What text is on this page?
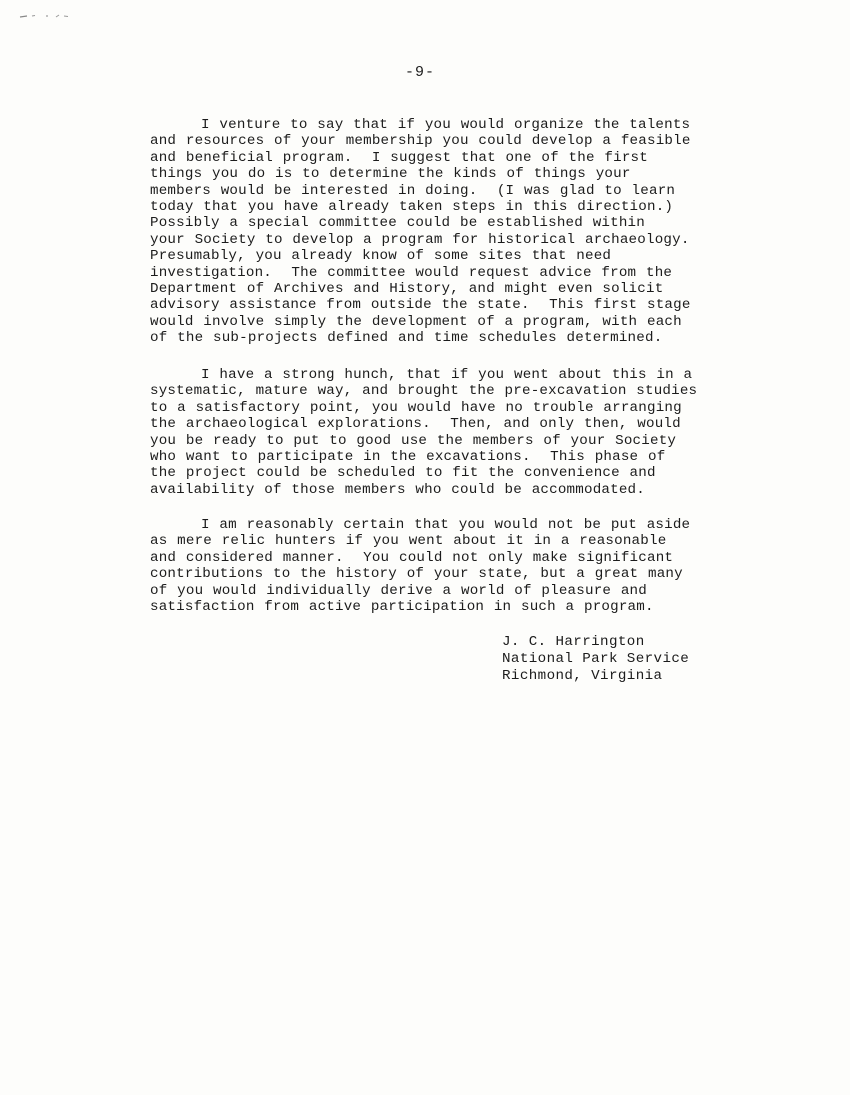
-9-

I venture to say that if you would organize the talents
and resources of your membership you could develop a feasible
and beneficial program.  I suggest that one of the first
things you do is to determine the kinds of things your
members would be interested in doing.  (I was glad to learn
today that you have already taken steps in this direction.)
Possibly a special committee could be established within
your Society to develop a program for historical archaeology.
Presumably, you already know of some sites that need
investigation.  The committee would request advice from the
Department of Archives and History, and might even solicit
advisory assistance from outside the state.  This first stage
would involve simply the development of a program, with each
of the sub-projects defined and time schedules determined.

I have a strong hunch, that if you went about this in a
systematic, mature way, and brought the pre-excavation studies
to a satisfactory point, you would have no trouble arranging
the archaeological explorations.  Then, and only then, would
you be ready to put to good use the members of your Society
who want to participate in the excavations.  This phase of
the project could be scheduled to fit the convenience and
availability of those members who could be accommodated.

I am reasonably certain that you would not be put aside
as mere relic hunters if you went about it in a reasonable
and considered manner.  You could not only make significant
contributions to the history of your state, but a great many
of you would individually derive a world of pleasure and
satisfaction from active participation in such a program.

J. C. Harrington
National Park Service
Richmond, Virginia
